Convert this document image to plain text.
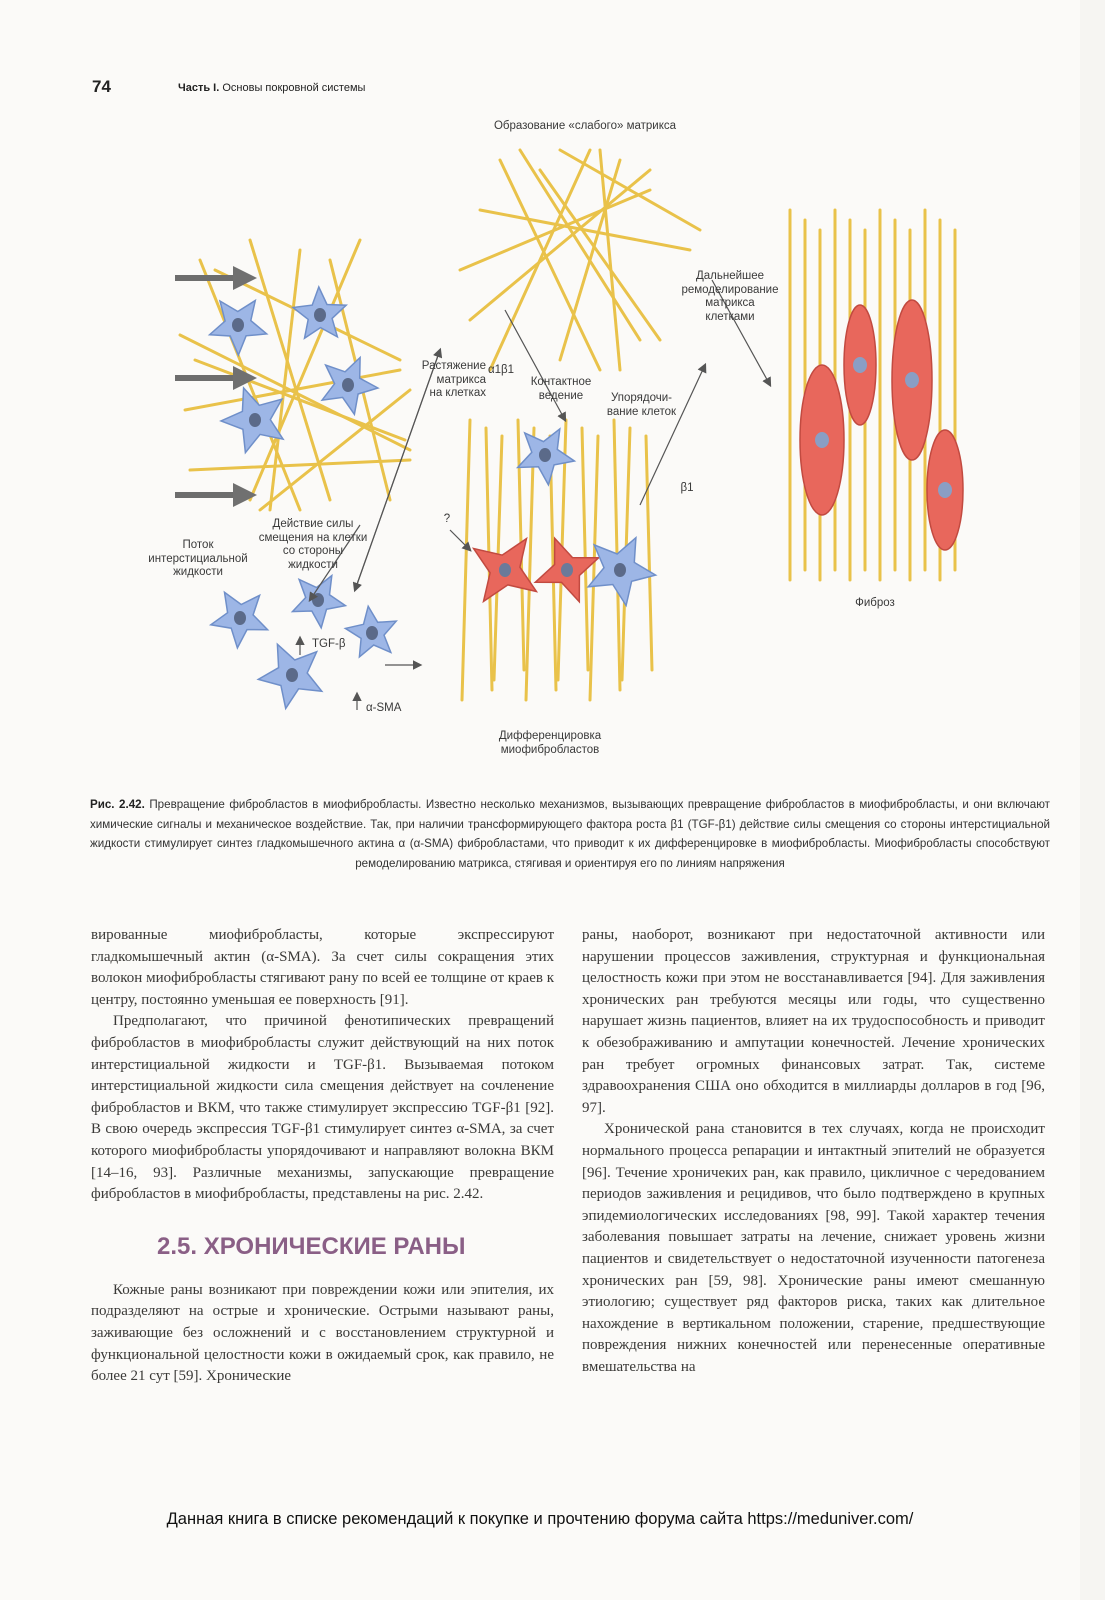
74	Часть I. Основы покровной системы
Образование «слабого» матрикса
Дальнейшее
ремоделирование
матрикса
клетками
Растяжение
матрикса
на клетках
α1β1
Контактное
ведение	Упорядочи-
вание клеток
β1
?
Действие силы
смещения на клетки
со стороны
жидкости
Поток
интерстициальной
жидкости
TGF-β
α-SMA
Дифференцировка
миофибробластов
Фиброз
Рис. 2.42. Превращение фибробластов в миофибробласты. Известно несколько механизмов, вызывающих превращение фибробластов в миофибробласты, и они включают химические сигналы и механическое воздействие. Так, при наличии трансформирующего фактора роста β1 (TGF-β1) действие силы смещения со стороны интерстициальной жидкости стимулирует синтез гладкомышечного актина α (α-SMA) фибробластами, что приводит к их дифференцировке в миофибробласты. Миофибробласты способствуют ремоделированию матрикса, стягивая и ориентируя его по линиям напряжения

вированные миофибробласты, которые экспрессируют гладкомышечный актин (α-SMA). За счет силы сокращения этих волокон миофибробласты стягивают рану по всей ее толщине от краев к центру, постоянно уменьшая ее поверхность [91].

Предполагают, что причиной фенотипических превращений фибробластов в миофибробласты служит действующий на них поток интерстициальной жидкости и TGF-β1. Вызываемая потоком интерстициальной жидкости сила смещения действует на сочленение фибробластов и ВКМ, что также стимулирует экспрессию TGF-β1 [92]. В свою очередь экспрессия TGF-β1 стимулирует синтез α-SMA, за счет которого миофибробласты упорядочивают и направляют волокна ВКМ [14–16, 93]. Различные механизмы, запускающие превращение фибробластов в миофибробласты, представлены на рис. 2.42.

2.5. ХРОНИЧЕСКИЕ РАНЫ

Кожные раны возникают при повреждении кожи или эпителия, их подразделяют на острые и хронические. Острыми называют раны, заживающие без осложнений и с восстановлением структурной и функциональной целостности кожи в ожидаемый срок, как правило, не более 21 сут [59]. Хронические

раны, наоборот, возникают при недостаточной активности или нарушении процессов заживления, структурная и функциональная целостность кожи при этом не восстанавливается [94]. Для заживления хронических ран требуются месяцы или годы, что существенно нарушает жизнь пациентов, влияет на их трудоспособность и приводит к обезображиванию и ампутации конечностей. Лечение хронических ран требует огромных финансовых затрат. Так, системе здравоохранения США оно обходится в миллиарды долларов в год [96, 97].

Хронической рана становится в тех случаях, когда не происходит нормального процесса репарации и интактный эпителий не образуется [96]. Течение хроничеких ран, как правило, цикличное с чередованием периодов заживления и рецидивов, что было подтверждено в крупных эпидемиологических исследованиях [98, 99]. Такой характер течения заболевания повышает затраты на лечение, снижает уровень жизни пациентов и свидетельствует о недостаточной изученности патогенеза хронических ран [59, 98]. Хронические раны имеют смешанную этиологию; существует ряд факторов риска, таких как длительное нахождение в вертикальном положении, старение, предшествующие повреждения нижних конечностей или перенесенные оперативные вмешательства на

Данная книга в списке рекомендаций к покупке и прочтению форума сайта https://meduniver.com/
